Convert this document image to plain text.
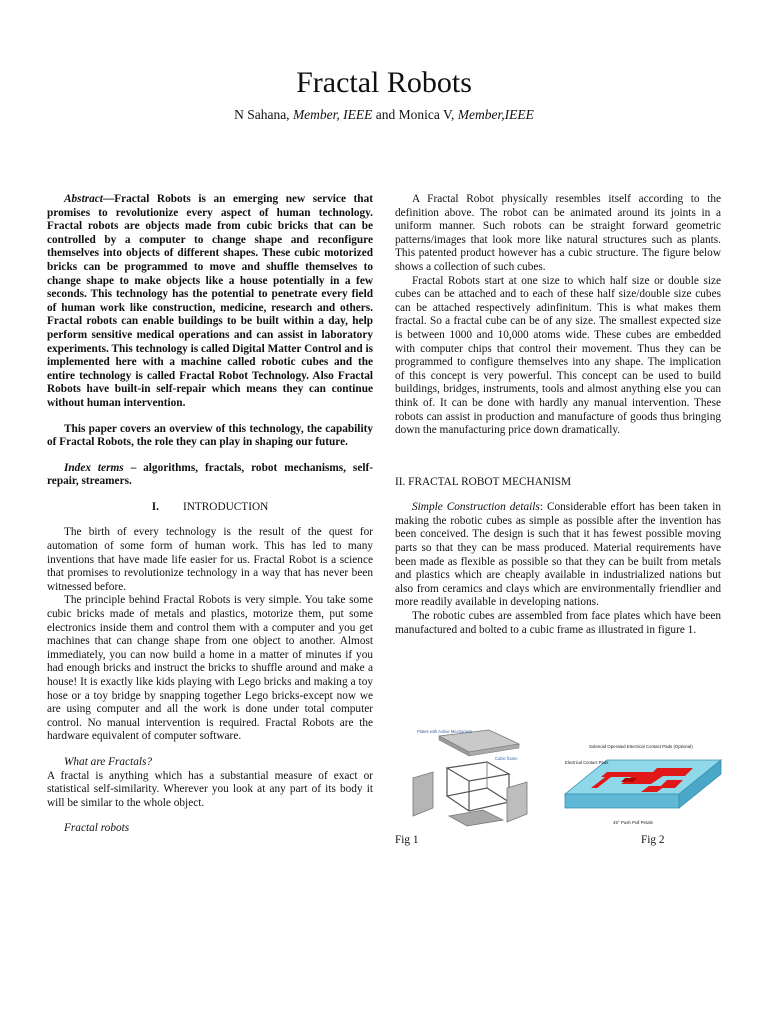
Fractal Robots
N Sahana, Member, IEEE and Monica V, Member,IEEE

Abstract—Fractal Robots is an emerging new service that promises to revolutionize every aspect of human technology. Fractal robots are objects made from cubic bricks that can be controlled by a computer to change shape and reconfigure themselves into objects of different shapes. These cubic motorized bricks can be programmed to move and shuffle themselves to change shape to make objects like a house potentially in a few seconds. This technology has the potential to penetrate every field of human work like construction, medicine, research and others. Fractal robots can enable buildings to be built within a day, help perform sensitive medical operations and can assist in laboratory experiments. This technology is called Digital Matter Control and is implemented here with a machine called robotic cubes and the entire technology is called Fractal Robot Technology. Also Fractal Robots have built-in self-repair which means they can continue without human intervention.

This paper covers an overview of this technology, the capability of Fractal Robots, the role they can play in shaping our future.

Index terms – algorithms, fractals, robot mechanisms, self-repair, streamers.

I. INTRODUCTION

The birth of every technology is the result of the quest for automation of some form of human work. This has led to many inventions that have made life easier for us. Fractal Robot is a science that promises to revolutionize technology in a way that has never been witnessed before.

The principle behind Fractal Robots is very simple. You take some cubic bricks made of metals and plastics, motorize them, put some electronics inside them and control them with a computer and you get machines that can change shape from one object to another. Almost immediately, you can now build a home in a matter of minutes if you had enough bricks and instruct the bricks to shuffle around and make a house! It is exactly like kids playing with Lego bricks and making a toy hose or a toy bridge by snapping together Lego bricks-except now we are using computer and all the work is done under total computer control. No manual intervention is required. Fractal Robots are the hardware equivalent of computer software.

What are Fractals?

A fractal is anything which has a substantial measure of exact or statistical self-similarity. Wherever you look at any part of its body it will be similar to the whole object.

Fractal robots

A Fractal Robot physically resembles itself according to the definition above. The robot can be animated around its joints in a uniform manner. Such robots can be straight forward geometric patterns/images that look more like natural structures such as plants. This patented product however has a cubic structure. The figure below shows a collection of such cubes.

Fractal Robots start at one size to which half size or double size cubes can be attached and to each of these half size/double size cubes can be attached respectively adinfinitum. This is what makes them fractal. So a fractal cube can be of any size. The smallest expected size is between 1000 and 10,000 atoms wide. These cubes are embedded with computer chips that control their movement. Thus they can be programmed to configure themselves into any shape. The implication of this concept is very powerful. This concept can be used to build buildings, bridges, instruments, tools and almost anything else you can think of. It can be done with hardly any manual intervention. These robots can assist in production and manufacture of goods thus bringing down the manufacturing price down dramatically.

II. FRACTAL ROBOT MECHANISM

Simple Construction details: Considerable effort has been taken in making the robotic cubes as simple as possible after the invention has been conceived. The design is such that it has fewest possible moving parts so that they can be mass produced. Material requirements have been made as flexible as possible so that they can be built from metals and plastics which are cheaply available in industrialized nations but also from ceramics and clays which are environmentally friendlier and more readily available in developing nations.

The robotic cubes are assembled from face plates which have been manufactured and bolted to a cubic frame as illustrated in figure 1.

Plates with Active Mechanism
Cubic frame
Solenoid Operated Electrical Contact Pads (Optional)
Electrical Contact Pads
45° Push Pull Petals
Fig 1	Fig 2
